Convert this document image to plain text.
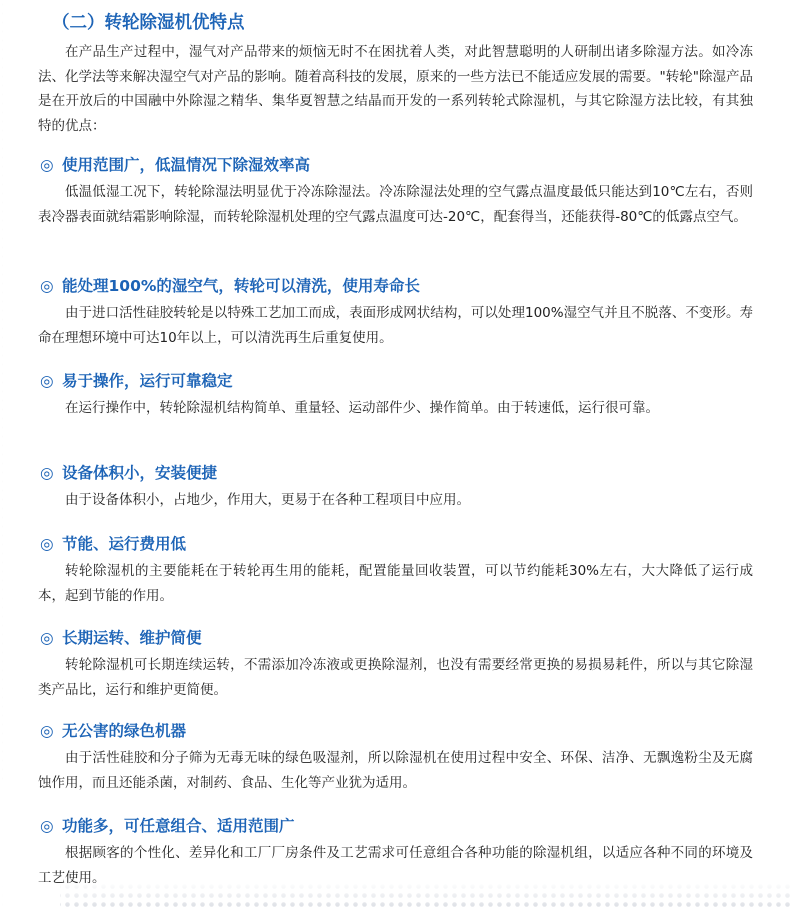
（二）转轮除湿机优特点

在产品生产过程中，湿气对产品带来的烦恼无时不在困扰着人类，对此智慧聪明的人研制出诸多除湿方法。如冷冻法、化学法等来解决湿空气对产品的影响。随着高科技的发展，原来的一些方法已不能适应发展的需要。"转轮"除湿产品是在开放后的中国融中外除湿之精华、集华夏智慧之结晶而开发的一系列转轮式除湿机，与其它除湿方法比较，有其独特的优点：

◎ 使用范围广，低温情况下除湿效率高

低温低湿工况下，转轮除湿法明显优于冷冻除湿法。冷冻除湿法处理的空气露点温度最低只能达到10℃左右，否则表冷器表面就结霜影响除湿，而转轮除湿机处理的空气露点温度可达-20℃，配套得当，还能获得-80℃的低露点空气。

◎ 能处理100%的湿空气，转轮可以清洗，使用寿命长

由于进口活性硅胶转轮是以特殊工艺加工而成，表面形成网状结构，可以处理100%湿空气并且不脱落、不变形。寿命在理想环境中可达10年以上，可以清洗再生后重复使用。

◎ 易于操作，运行可靠稳定

在运行操作中，转轮除湿机结构简单、重量轻、运动部件少、操作简单。由于转速低，运行很可靠。

◎ 设备体积小，安装便捷

由于设备体积小，占地少，作用大，更易于在各种工程项目中应用。

◎ 节能、运行费用低

转轮除湿机的主要能耗在于转轮再生用的能耗，配置能量回收装置，可以节约能耗30%左右，大大降低了运行成本，起到节能的作用。

◎ 长期运转、维护简便

转轮除湿机可长期连续运转，不需添加冷冻液或更换除湿剂，也没有需要经常更换的易损易耗件，所以与其它除湿类产品比，运行和维护更简便。

◎ 无公害的绿色机器

由于活性硅胶和分子筛为无毒无味的绿色吸湿剂，所以除湿机在使用过程中安全、环保、洁净、无飘逸粉尘及无腐蚀作用，而且还能杀菌，对制药、食品、生化等产业犹为适用。

◎ 功能多，可任意组合、适用范围广

根据顾客的个性化、差异化和工厂厂房条件及工艺需求可任意组合各种功能的除湿机组，以适应各种不同的环境及工艺使用。
